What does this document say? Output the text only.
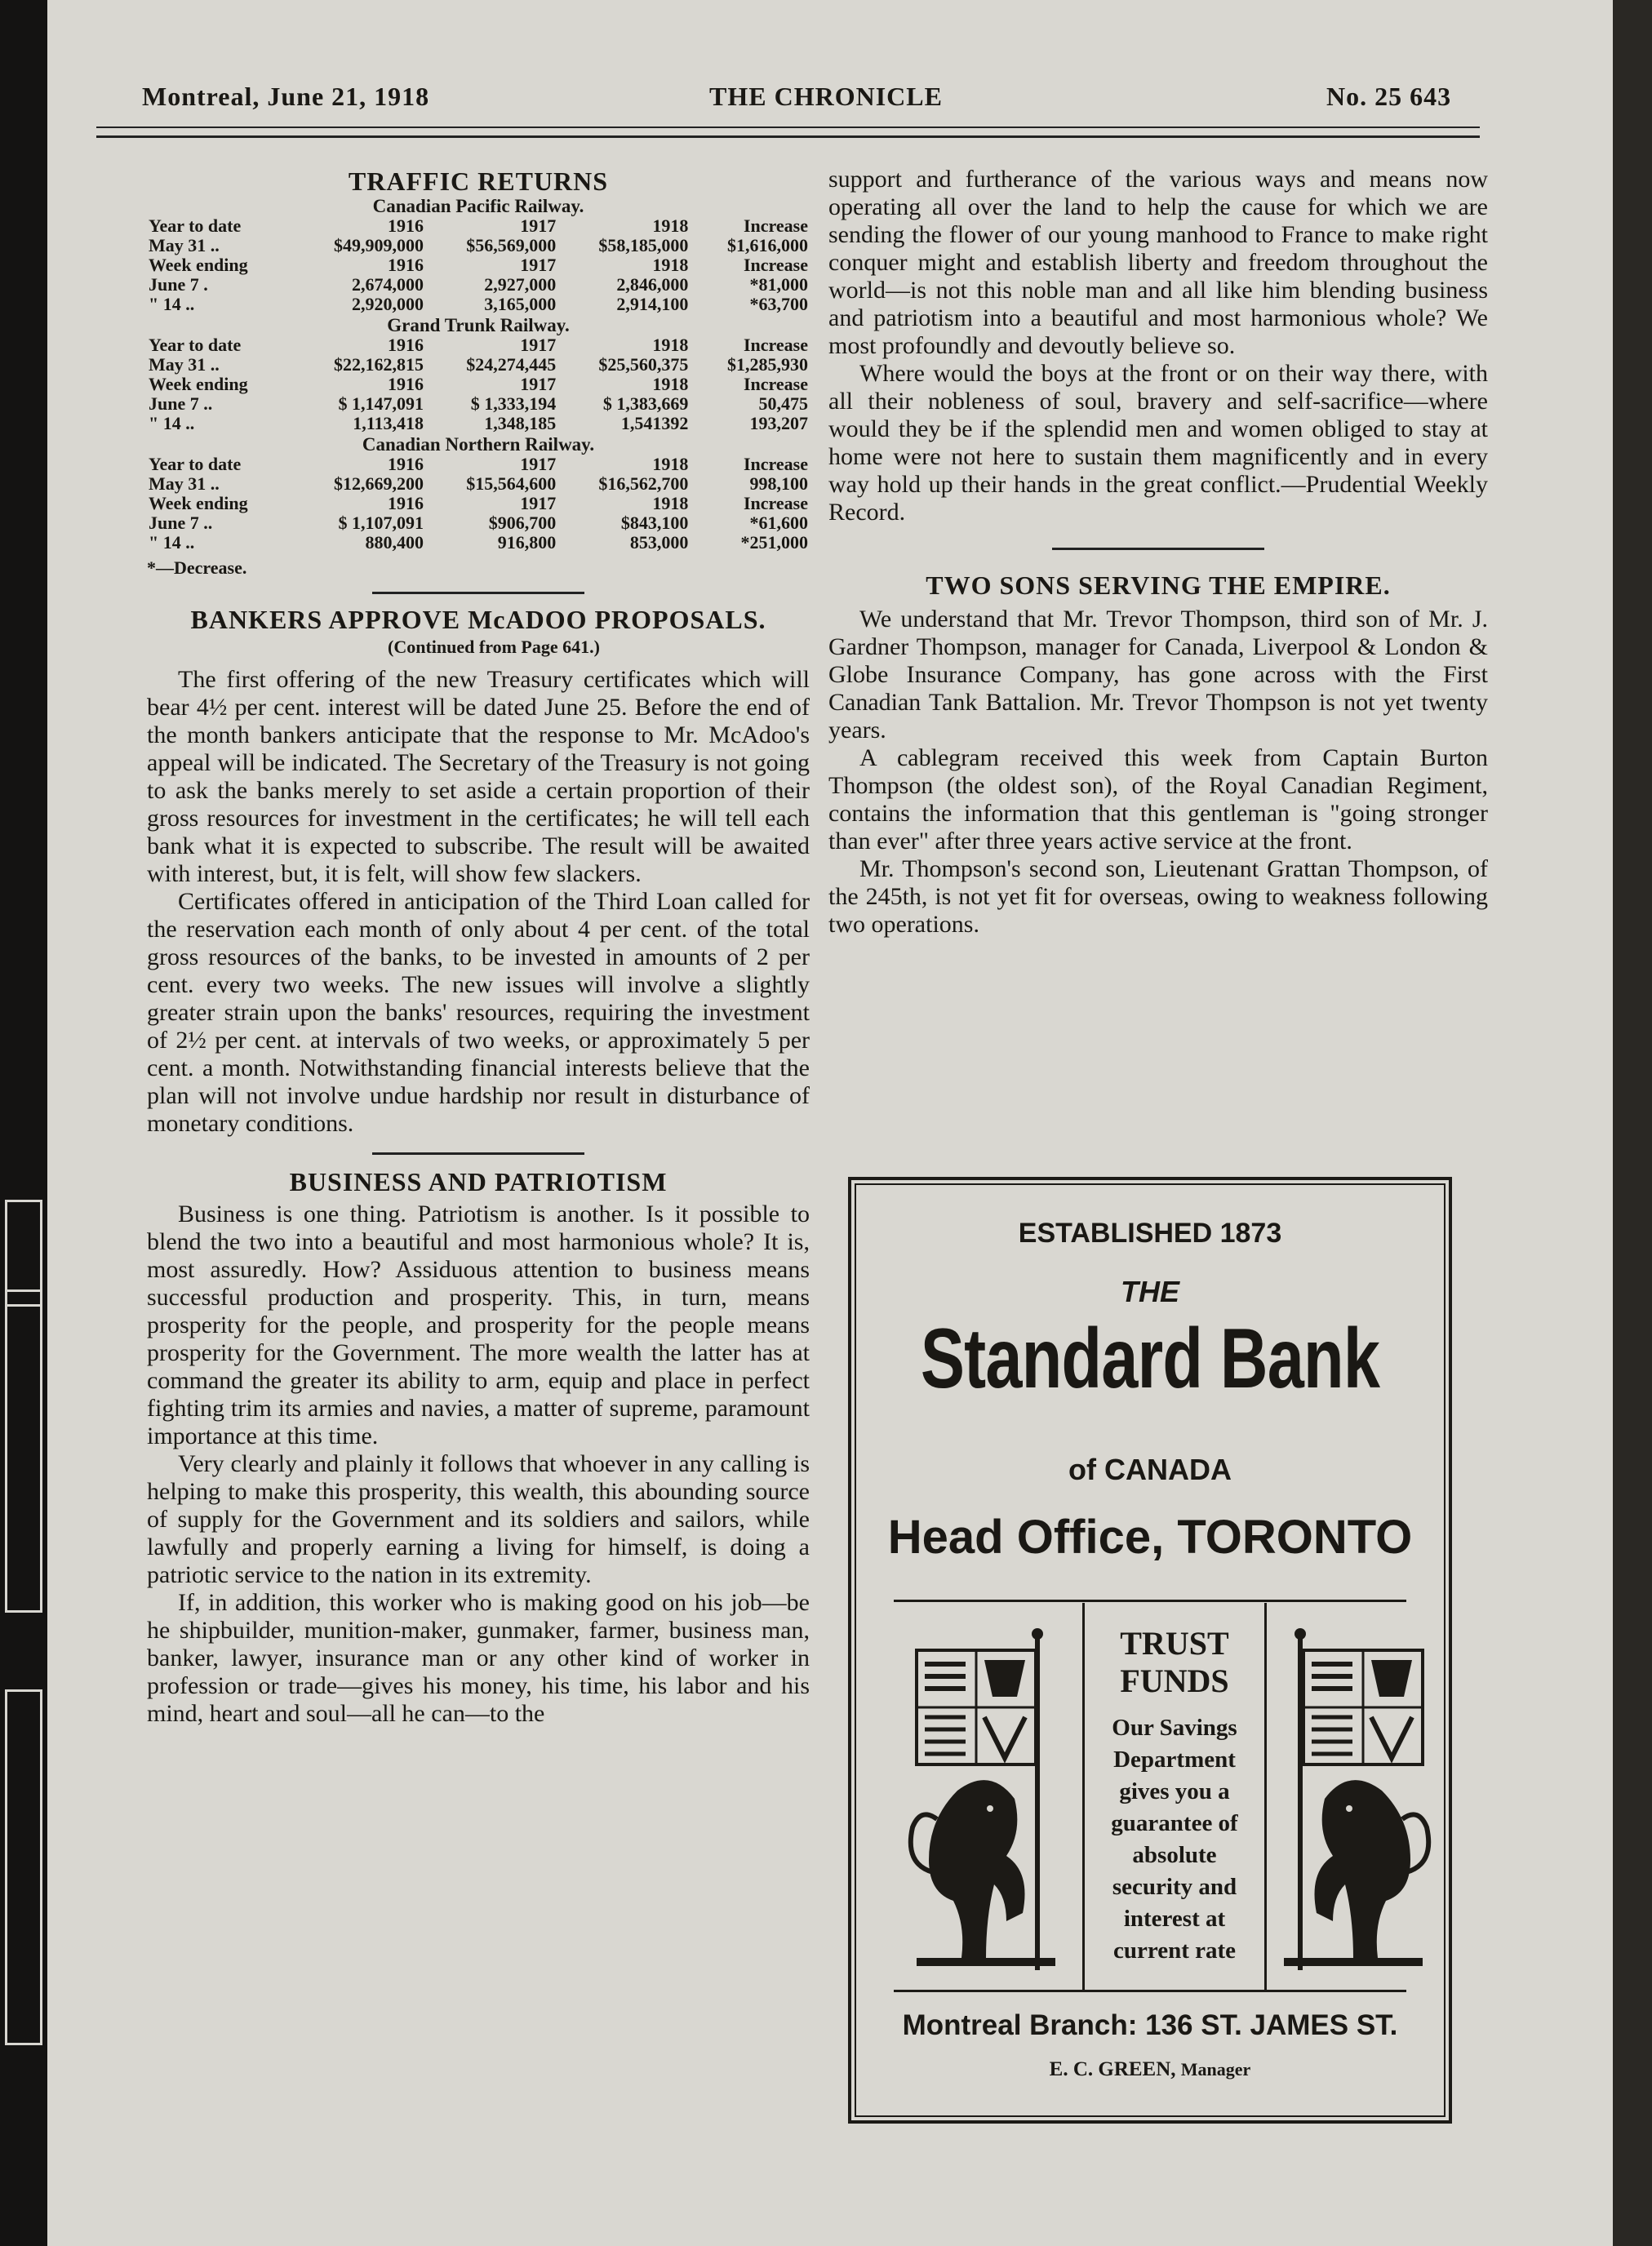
Montreal, June 21, 1918	THE CHRONICLE	No. 25 643
TRAFFIC RETURNS
Canadian Pacific Railway.				
Year to date	1916	1917	1918	Increase
May 31 ..	$49,909,000	$56,569,000	$58,185,000	$1,616,000
Week ending	1916	1917	1918	Increase
June 7 .	2,674,000	2,927,000	2,846,000	*81,000
" 14 ..	2,920,000	3,165,000	2,914,100	*63,700
Grand Trunk Railway.				
Year to date	1916	1917	1918	Increase
May 31 ..	$22,162,815	$24,274,445	$25,560,375	$1,285,930
Week ending	1916	1917	1918	Increase
June 7 ..	$ 1,147,091	$ 1,333,194	$ 1,383,669	50,475
" 14 ..	1,113,418	1,348,185	1,541392	193,207
Canadian Northern Railway.				
Year to date	1916	1917	1918	Increase
May 31 ..	$12,669,200	$15,564,600	$16,562,700	998,100
Week ending	1916	1917	1918	Increase
June 7 ..	$ 1,107,091	$906,700	$843,100	*61,600
" 14 ..	880,400	916,800	853,000	*251,000
*—Decrease.
BANKERS APPROVE McADOO PROPOSALS.

(Continued from Page 641.)

The first offering of the new Treasury certificates which will bear 4½ per cent. interest will be dated June 25. Before the end of the month bankers anticipate that the response to Mr. McAdoo's appeal will be indicated. The Secretary of the Treasury is not going to ask the banks merely to set aside a certain proportion of their gross resources for investment in the certificates; he will tell each bank what it is expected to subscribe. The result will be awaited with interest, but, it is felt, will show few slackers.

Certificates offered in anticipation of the Third Loan called for the reservation each month of only about 4 per cent. of the total gross resources of the banks, to be invested in amounts of 2 per cent. every two weeks. The new issues will involve a slightly greater strain upon the banks' resources, requiring the investment of 2½ per cent. at intervals of two weeks, or approximately 5 per cent. a month. Notwithstanding financial interests believe that the plan will not involve undue hardship nor result in disturbance of monetary conditions.

BUSINESS AND PATRIOTISM

Business is one thing. Patriotism is another. Is it possible to blend the two into a beautiful and most harmonious whole? It is, most assuredly. How? Assiduous attention to business means successful production and prosperity. This, in turn, means prosperity for the people, and prosperity for the people means prosperity for the Government. The more wealth the latter has at command the greater its ability to arm, equip and place in perfect fighting trim its armies and navies, a matter of supreme, paramount importance at this time.

Very clearly and plainly it follows that whoever in any calling is helping to make this prosperity, this wealth, this abounding source of supply for the Government and its soldiers and sailors, while lawfully and properly earning a living for himself, is doing a patriotic service to the nation in its extremity.

If, in addition, this worker who is making good on his job—be he shipbuilder, munition-maker, gunmaker, farmer, business man, banker, lawyer, insurance man or any other kind of worker in profession or trade—gives his money, his time, his labor and his mind, heart and soul—all he can—to the

support and furtherance of the various ways and means now operating all over the land to help the cause for which we are sending the flower of our young manhood to France to make right conquer might and establish liberty and freedom throughout the world—is not this noble man and all like him blending business and patriotism into a beautiful and most harmonious whole? We most profoundly and devoutly believe so.

Where would the boys at the front or on their way there, with all their nobleness of soul, bravery and self-sacrifice—where would they be if the splendid men and women obliged to stay at home were not here to sustain them magnificently and in every way hold up their hands in the great conflict.—Prudential Weekly Record.

TWO SONS SERVING THE EMPIRE.

We understand that Mr. Trevor Thompson, third son of Mr. J. Gardner Thompson, manager for Canada, Liverpool & London & Globe Insurance Company, has gone across with the First Canadian Tank Battalion. Mr. Trevor Thompson is not yet twenty years.

A cablegram received this week from Captain Burton Thompson (the oldest son), of the Royal Canadian Regiment, contains the information that this gentleman is "going stronger than ever" after three years active service at the front.

Mr. Thompson's second son, Lieutenant Grattan Thompson, of the 245th, is not yet fit for overseas, owing to weakness following two operations.

ESTABLISHED 1873
THE
Standard Bank
of CANADA
Head Office, TORONTO
TRUST
FUNDS
Our Savings
Department
gives you a
guarantee of
absolute
security and
interest at
current rate
Montreal Branch: 136 ST. JAMES ST.
E. C. GREEN, Manager
